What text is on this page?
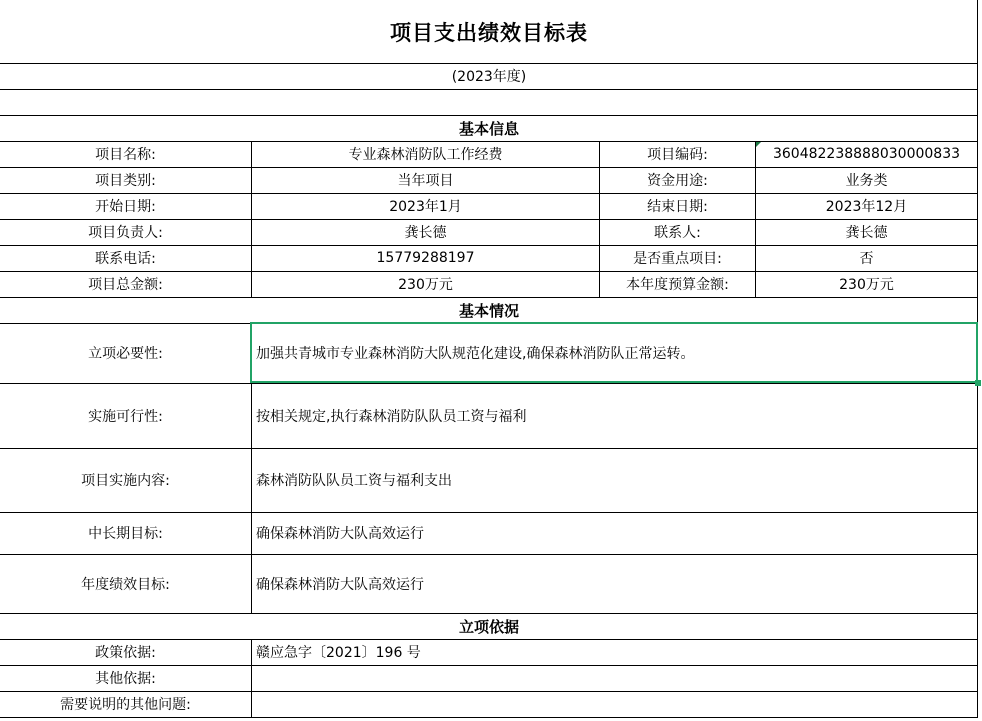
项目支出绩效目标表
(2023年度)
基本信息
项目名称:	专业森林消防队工作经费	项目编码:	360482238888030000833
项目类别:	当年项目	资金用途:	业务类
开始日期:	2023年1月	结束日期:	2023年12月
项目负责人:	龚长德	联系人:	龚长德
联系电话:	15779288197	是否重点项目:	否
项目总金额:	230万元	本年度预算金额:	230万元
基本情况
立项必要性:	加强共青城市专业森林消防大队规范化建设,确保森林消防队正常运转。
实施可行性:	按相关规定,执行森林消防队队员工资与福利
项目实施内容:	森林消防队队员工资与福利支出
中长期目标:	确保森林消防大队高效运行
年度绩效目标:	确保森林消防大队高效运行
立项依据
政策依据:	赣应急字〔2021〕196 号
其他依据:
需要说明的其他问题:
